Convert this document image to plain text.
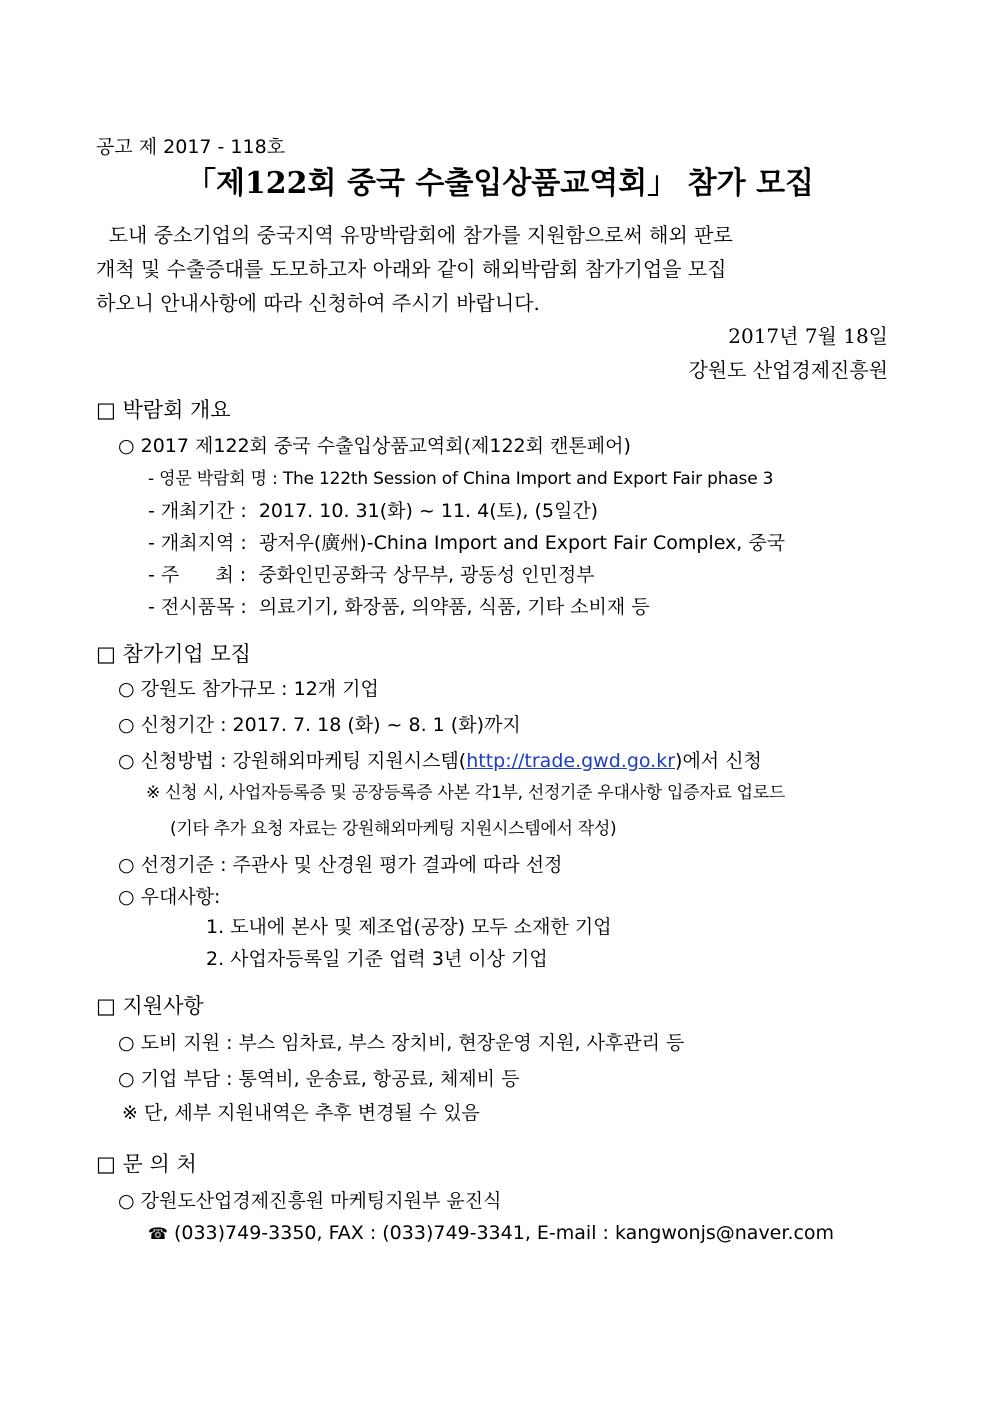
공고 제 2017 - 118호
「제122회 중국 수출입상품교역회」 참가 모집
도내 중소기업의 중국지역 유망박람회에 참가를 지원함으로써 해외 판로
개척 및 수출증대를 도모하고자 아래와 같이 해외박람회 참가기업을 모집
하오니 안내사항에 따라 신청하여 주시기 바랍니다.
2017년 7월 18일
강원도 산업경제진흥원
□ 박람회 개요
○ 2017 제122회 중국 수출입상품교역회(제122회 캔톤페어)
- 영문 박람회 명 : The 122th Session of China Import and Export Fair phase 3
- 개최기간 :  2017. 10. 31(화) ~ 11. 4(토), (5일간)
- 개최지역 :  광저우(廣州)-China Import and Export Fair Complex, 중국
- 주      최 :  중화인민공화국 상무부, 광동성 인민정부
- 전시품목 :  의료기기, 화장품, 의약품, 식품, 기타 소비재 등
□ 참가기업 모집
○ 강원도 참가규모 : 12개 기업
○ 신청기간 : 2017. 7. 18 (화) ~ 8. 1 (화)까지
○ 신청방법 : 강원해외마케팅 지원시스템(http://trade.gwd.go.kr)에서 신청
※ 신청 시, 사업자등록증 및 공장등록증 사본 각1부, 선정기준 우대사항 입증자료 업로드
(기타 추가 요청 자료는 강원해외마케팅 지원시스템에서 작성)
○ 선정기준 : 주관사 및 산경원 평가 결과에 따라 선정
○ 우대사항:
1. 도내에 본사 및 제조업(공장) 모두 소재한 기업
2. 사업자등록일 기준 업력 3년 이상 기업
□ 지원사항
○ 도비 지원 : 부스 임차료, 부스 장치비, 현장운영 지원, 사후관리 등
○ 기업 부담 : 통역비, 운송료, 항공료, 체제비 등
※ 단, 세부 지원내역은 추후 변경될 수 있음
□ 문 의 처
○ 강원도산업경제진흥원 마케팅지원부 윤진식
☎ (033)749-3350, FAX : (033)749-3341, E-mail : kangwonjs@naver.com
